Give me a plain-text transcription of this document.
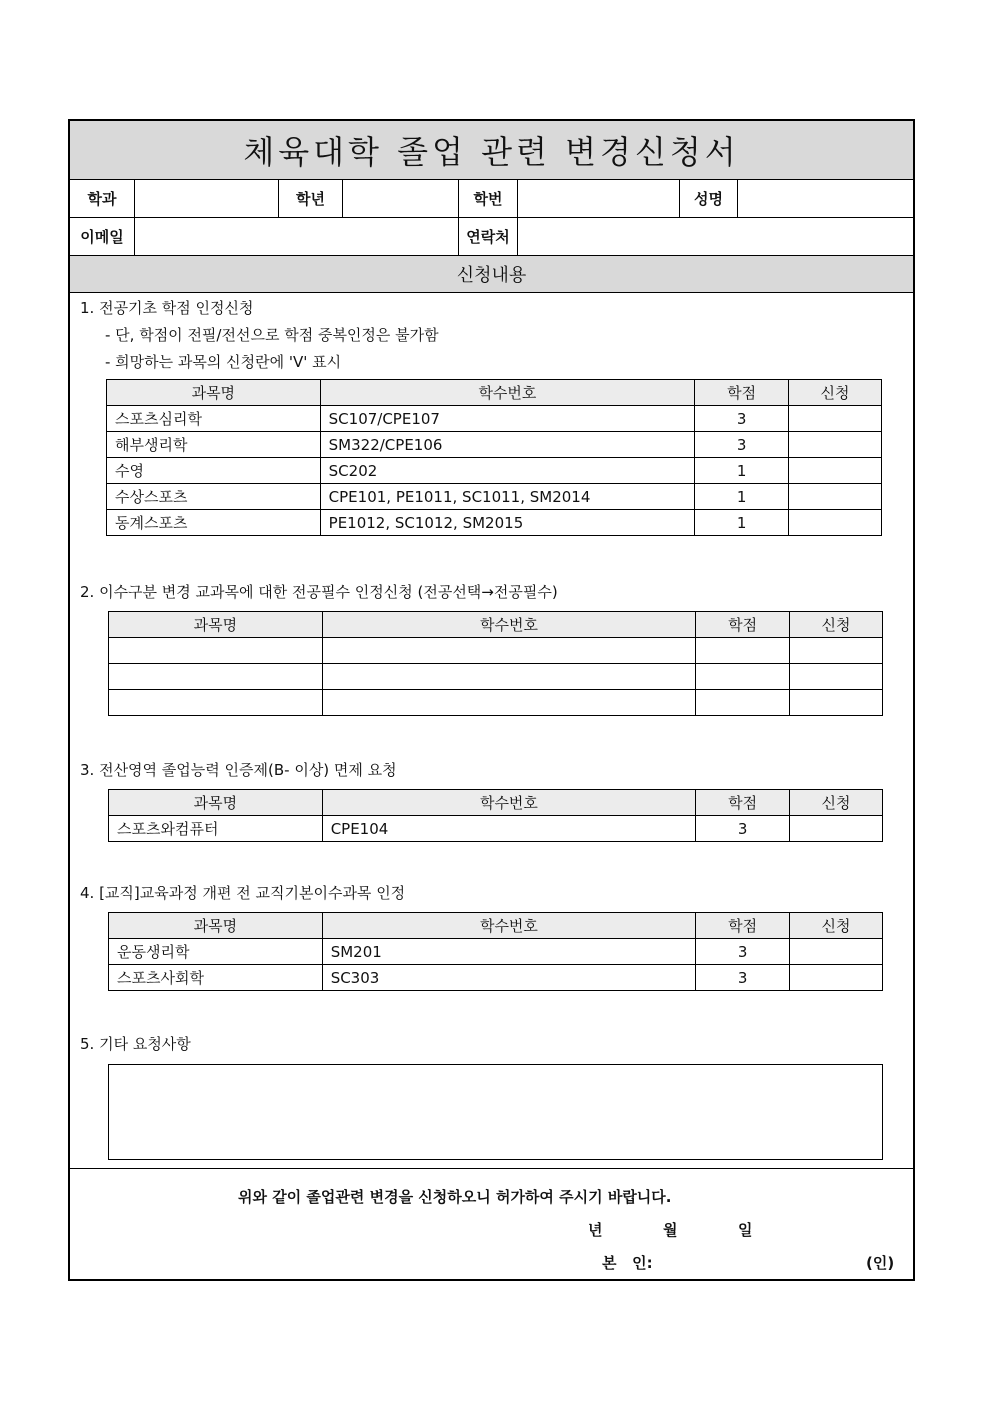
체육대학 졸업 관련 변경신청서
학과	학년	학번	성명
이메일	연락처
신청내용
1. 전공기초 학점 인정신청
- 단, 학점이 전필/전선으로 학점 중복인정은 불가함
- 희망하는 과목의 신청란에 'V' 표시
과목명	학수번호	학점	신청
스포츠심리학	SC107/CPE107	3	
해부생리학	SM322/CPE106	3	
수영	SC202	1	
수상스포츠	CPE101, PE1011, SC1011, SM2014	1	
동계스포츠	PE1012, SC1012, SM2015	1	
2. 이수구분 변경 교과목에 대한 전공필수 인정신청 (전공선택→전공필수)
과목명	학수번호	학점	신청

3. 전산영역 졸업능력 인증제(B- 이상) 면제 요청
과목명	학수번호	학점	신청
스포츠와컴퓨터	CPE104	3	
4. [교직]교육과정 개편 전 교직기본이수과목 인정
과목명	학수번호	학점	신청
운동생리학	SM201	3	
스포츠사회학	SC303	3	
5. 기타 요청사항
위와 같이 졸업관련 변경을 신청하오니 허가하여 주시기 바랍니다.
년	월	일
본   인:	(인)
